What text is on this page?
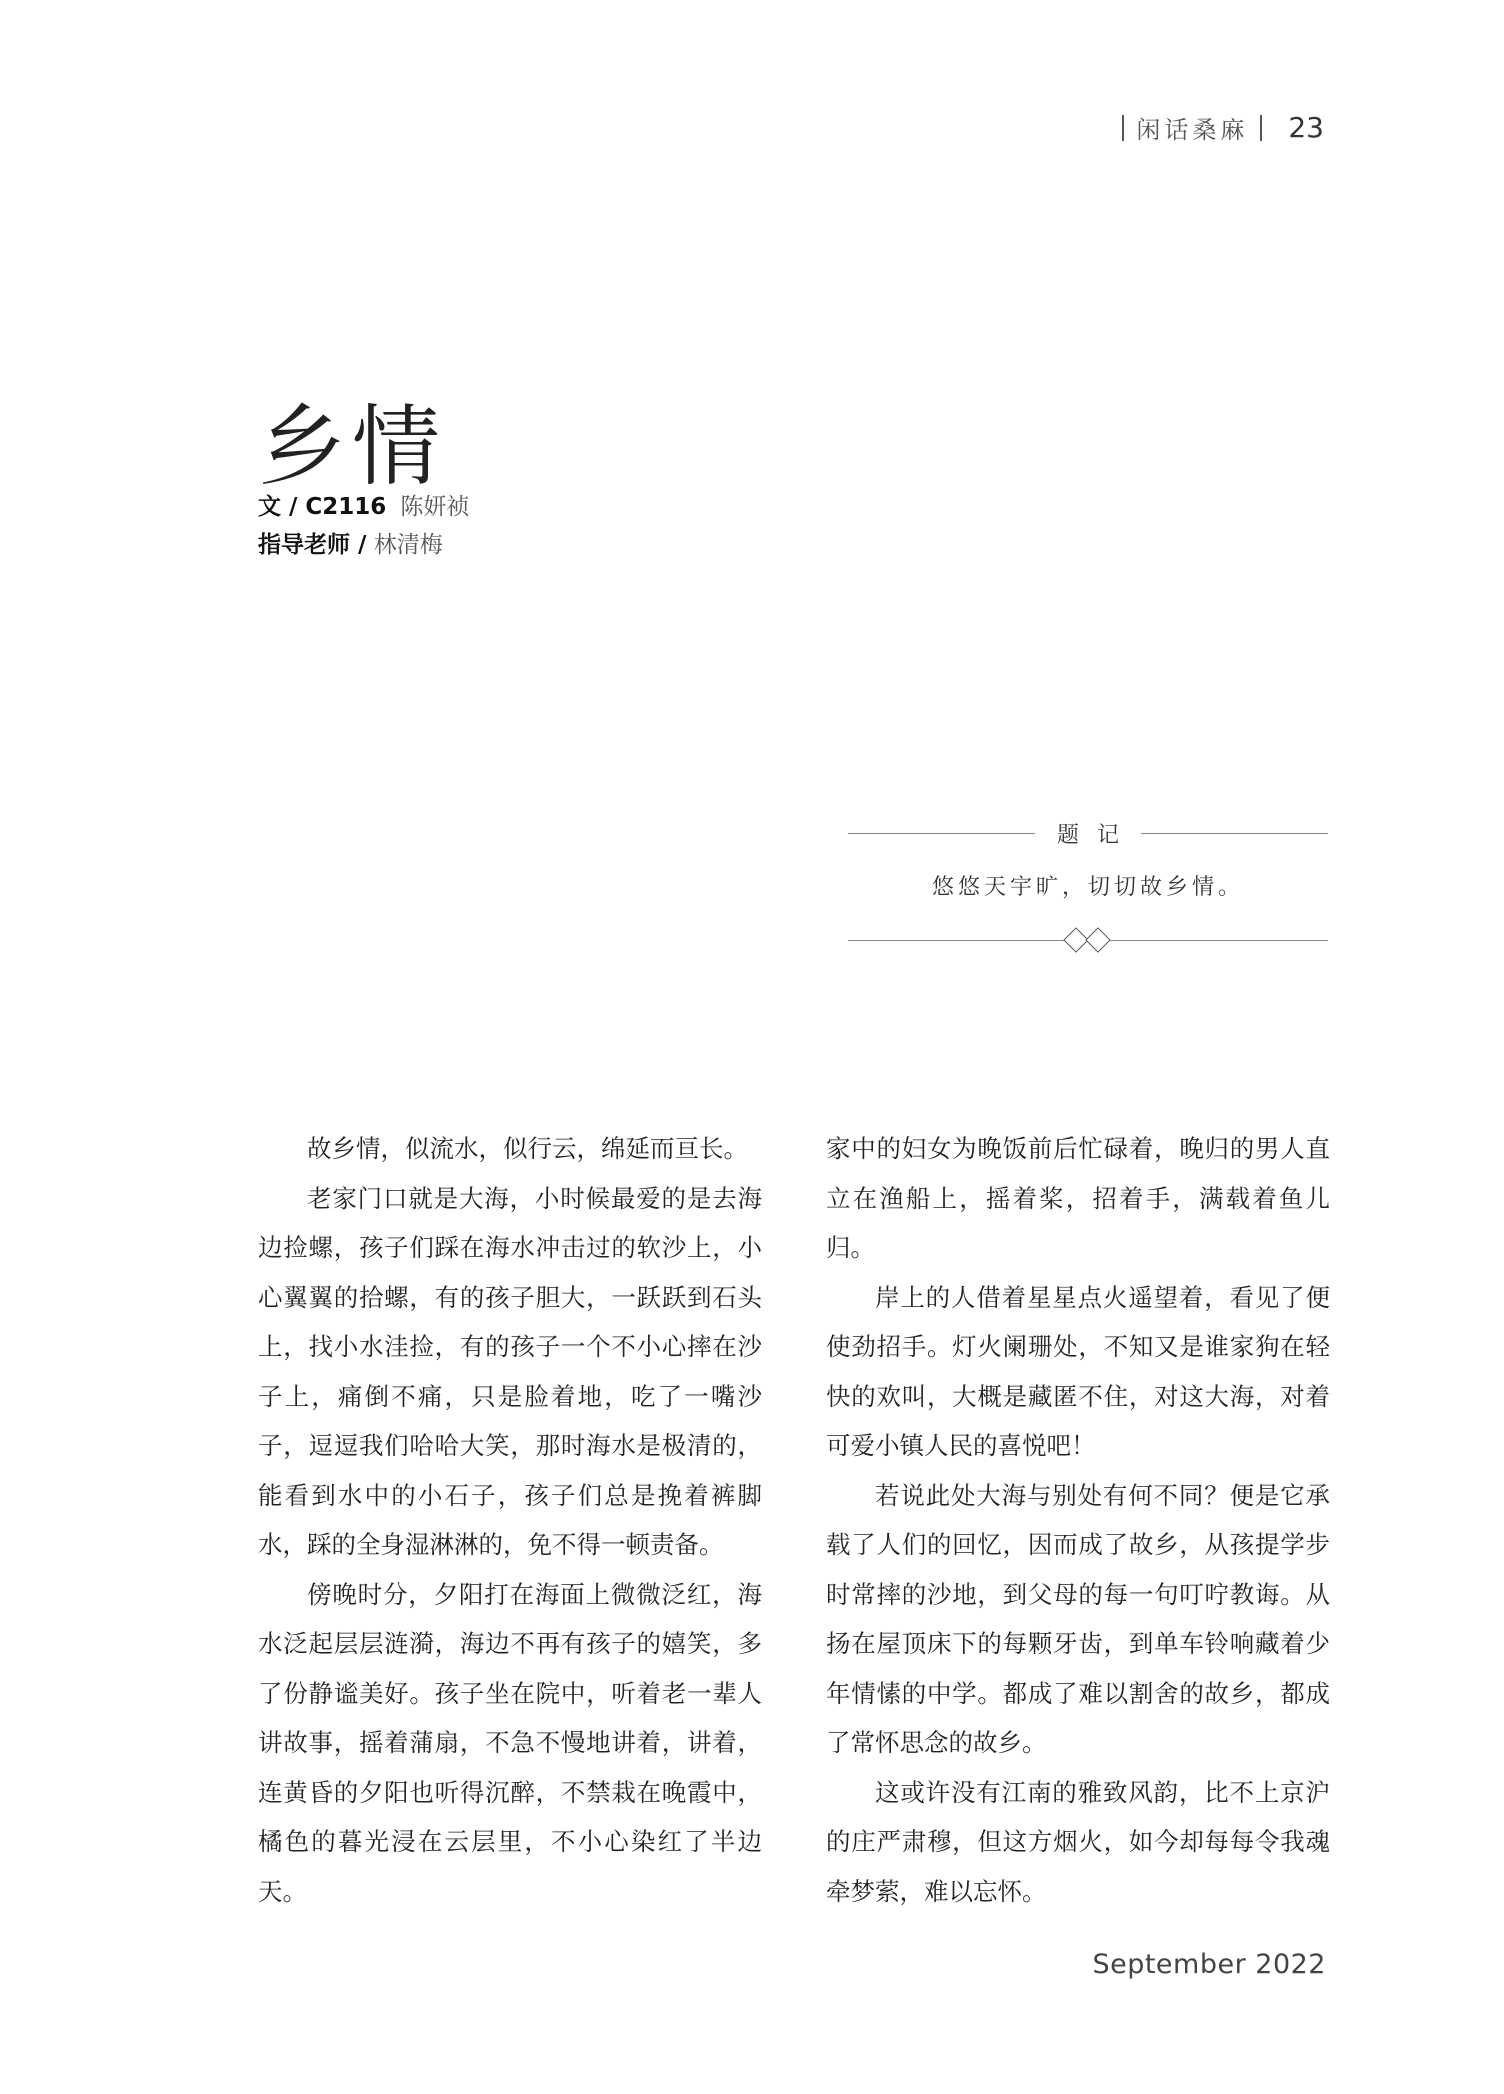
闲话桑麻 23
乡情
文 / C2116 陈妍祯
指导老师 / 林清梅
题记
悠悠天宇旷，切切故乡情。

故乡情，似流水，似行云，绵延而亘长。

老家门口就是大海，小时候最爱的是去海边捡螺，孩子们踩在海水冲击过的软沙上，小心翼翼的拾螺，有的孩子胆大，一跃跃到石头上，找小水洼捡，有的孩子一个不小心摔在沙子上，痛倒不痛，只是脸着地，吃了一嘴沙子，逗逗我们哈哈大笑，那时海水是极清的，能看到水中的小石子，孩子们总是挽着裤脚水，踩的全身湿淋淋的，免不得一顿责备。

傍晚时分，夕阳打在海面上微微泛红，海水泛起层层涟漪，海边不再有孩子的嬉笑，多了份静谧美好。孩子坐在院中，听着老一辈人讲故事，摇着蒲扇，不急不慢地讲着，讲着，连黄昏的夕阳也听得沉醉，不禁栽在晚霞中，橘色的暮光浸在云层里，不小心染红了半边天。

家中的妇女为晚饭前后忙碌着，晚归的男人直立在渔船上，摇着桨，招着手，满载着鱼儿归。

岸上的人借着星星点火遥望着，看见了便使劲招手。灯火阑珊处，不知又是谁家狗在轻快的欢叫，大概是藏匿不住，对这大海，对着可爱小镇人民的喜悦吧！

若说此处大海与别处有何不同？便是它承载了人们的回忆，因而成了故乡，从孩提学步时常摔的沙地，到父母的每一句叮咛教诲。从扬在屋顶床下的每颗牙齿，到单车铃响藏着少年情愫的中学。都成了难以割舍的故乡，都成了常怀思念的故乡。

这或许没有江南的雅致风韵，比不上京沪的庄严肃穆，但这方烟火，如今却每每令我魂牵梦萦，难以忘怀。

September 2022
